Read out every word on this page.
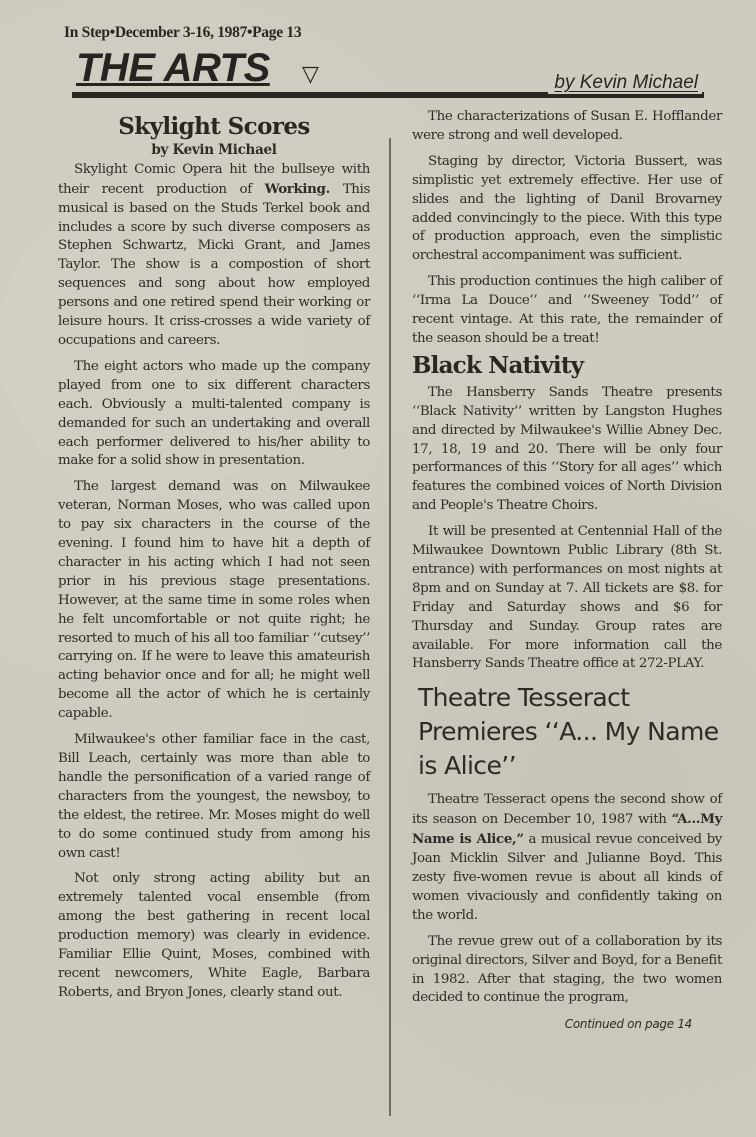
In Step•December 3-16, 1987•Page 13
THE ARTS ▽	by Kevin Michael
Skylight Scores
by Kevin Michael

Skylight Comic Opera hit the bullseye with their recent production of Working. This musical is based on the Studs Terkel book and includes a score by such diverse composers as Stephen Schwartz, Micki Grant, and James Taylor. The show is a compostion of short sequences and song about how employed persons and one retired spend their working or leisure hours. It criss-crosses a wide variety of occupations and careers.

The eight actors who made up the company played from one to six different characters each. Obviously a multi-talented company is demanded for such an undertaking and overall each performer delivered to his/her ability to make for a solid show in presentation.

The largest demand was on Milwaukee veteran, Norman Moses, who was called upon to pay six characters in the course of the evening. I found him to have hit a depth of character in his acting which I had not seen prior in his previous stage presentations. However, at the same time in some roles when he felt uncomfortable or not quite right; he resorted to much of his all too familiar ‘‘cutsey’’ carrying on. If he were to leave this amateurish acting behavior once and for all; he might well become all the actor of which he is certainly capable.

Milwaukee's other familiar face in the cast, Bill Leach, certainly was more than able to handle the personification of a varied range of characters from the youngest, the newsboy, to the eldest, the retiree. Mr. Moses might do well to do some continued study from among his own cast!

Not only strong acting ability but an extremely talented vocal ensemble (from among the best gathering in recent local production memory) was clearly in evidence. Familiar Ellie Quint, Moses, combined with recent newcomers, White Eagle, Barbara Roberts, and Bryon Jones, clearly stand out.

The characterizations of Susan E. Hofflander were strong and well developed.

Staging by director, Victoria Bussert, was simplistic yet extremely effective. Her use of slides and the lighting of Danil Brovarney added convincingly to the piece. With this type of production approach, even the simplistic orchestral accompaniment was sufficient.

This production continues the high caliber of ‘‘Irma La Douce’’ and ‘‘Sweeney Todd’’ of recent vintage. At this rate, the remainder of the season should be a treat!

Black Nativity

The Hansberry Sands Theatre presents ‘‘Black Nativity’’ written by Langston Hughes and directed by Milwaukee's Willie Abney Dec. 17, 18, 19 and 20. There will be only four performances of this ‘‘Story for all ages’’ which features the combined voices of North Division and People's Theatre Choirs.

It will be presented at Centennial Hall of the Milwaukee Downtown Public Library (8th St. entrance) with performances on most nights at 8pm and on Sunday at 7. All tickets are $8. for Friday and Saturday shows and $6 for Thursday and Sunday. Group rates are available. For more information call the Hansberry Sands Theatre office at 272-PLAY.

Theatre Tesseract Premieres ‘‘A... My Name is Alice’’

Theatre Tesseract opens the second show of its season on December 10, 1987 with “A...My Name is Alice,” a musical revue conceived by Joan Micklin Silver and Julianne Boyd. This zesty five-women revue is about all kinds of women vivaciously and confidently taking on the world.

The revue grew out of a collaboration by its original directors, Silver and Boyd, for a Benefit in 1982. After that staging, the two women decided to continue the program,

Continued on page 14
